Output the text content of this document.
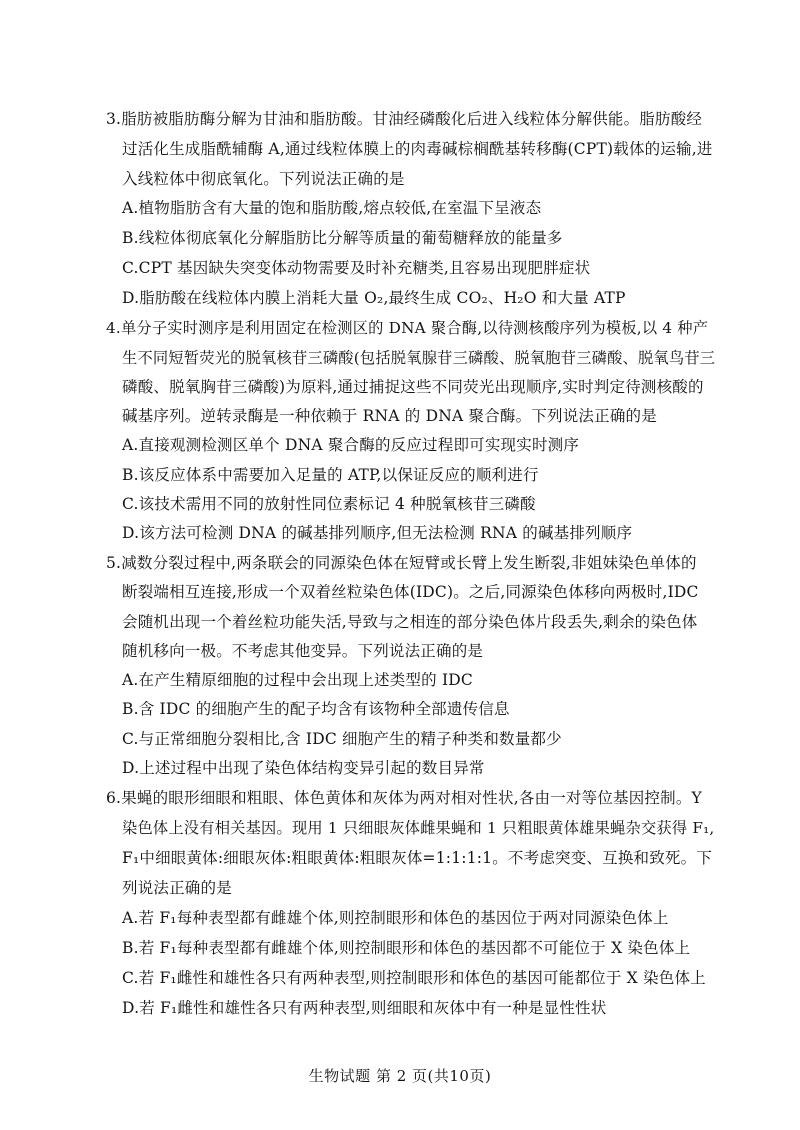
3.脂肪被脂肪酶分解为甘油和脂肪酸。甘油经磷酸化后进入线粒体分解供能。脂肪酸经
过活化生成脂酰辅酶 A,通过线粒体膜上的肉毒碱棕榈酰基转移酶(CPT)载体的运输,进
入线粒体中彻底氧化。下列说法正确的是
A.植物脂肪含有大量的饱和脂肪酸,熔点较低,在室温下呈液态
B.线粒体彻底氧化分解脂肪比分解等质量的葡萄糖释放的能量多
C.CPT 基因缺失突变体动物需要及时补充糖类,且容易出现肥胖症状
D.脂肪酸在线粒体内膜上消耗大量 O₂,最终生成 CO₂、H₂O 和大量 ATP
4.单分子实时测序是利用固定在检测区的 DNA 聚合酶,以待测核酸序列为模板,以 4 种产
生不同短暂荧光的脱氧核苷三磷酸(包括脱氧腺苷三磷酸、脱氧胞苷三磷酸、脱氧鸟苷三
磷酸、脱氧胸苷三磷酸)为原料,通过捕捉这些不同荧光出现顺序,实时判定待测核酸的
碱基序列。逆转录酶是一种依赖于 RNA 的 DNA 聚合酶。下列说法正确的是
A.直接观测检测区单个 DNA 聚合酶的反应过程即可实现实时测序
B.该反应体系中需要加入足量的 ATP,以保证反应的顺利进行
C.该技术需用不同的放射性同位素标记 4 种脱氧核苷三磷酸
D.该方法可检测 DNA 的碱基排列顺序,但无法检测 RNA 的碱基排列顺序
5.减数分裂过程中,两条联会的同源染色体在短臂或长臂上发生断裂,非姐妹染色单体的
断裂端相互连接,形成一个双着丝粒染色体(IDC)。之后,同源染色体移向两极时,IDC
会随机出现一个着丝粒功能失活,导致与之相连的部分染色体片段丢失,剩余的染色体
随机移向一极。不考虑其他变异。下列说法正确的是
A.在产生精原细胞的过程中会出现上述类型的 IDC
B.含 IDC 的细胞产生的配子均含有该物种全部遗传信息
C.与正常细胞分裂相比,含 IDC 细胞产生的精子种类和数量都少
D.上述过程中出现了染色体结构变异引起的数目异常
6.果蝇的眼形细眼和粗眼、体色黄体和灰体为两对相对性状,各由一对等位基因控制。Y
染色体上没有相关基因。现用 1 只细眼灰体雌果蝇和 1 只粗眼黄体雄果蝇杂交获得 F₁,
F₁中细眼黄体:细眼灰体:粗眼黄体:粗眼灰体=1:1:1:1。不考虑突变、互换和致死。下
列说法正确的是
A.若 F₁每种表型都有雌雄个体,则控制眼形和体色的基因位于两对同源染色体上
B.若 F₁每种表型都有雌雄个体,则控制眼形和体色的基因都不可能位于 X 染色体上
C.若 F₁雌性和雄性各只有两种表型,则控制眼形和体色的基因可能都位于 X 染色体上
D.若 F₁雌性和雄性各只有两种表型,则细眼和灰体中有一种是显性性状
生物试题 第 2 页(共10页)
